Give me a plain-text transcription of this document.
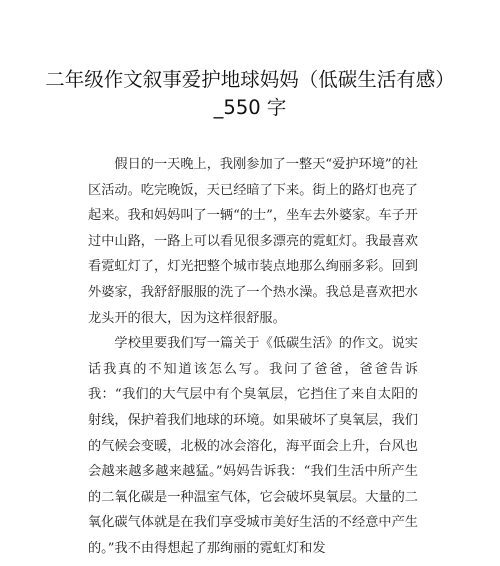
二年级作文叙事爱护地球妈妈（低碳生活有感）_550 字

假日的一天晚上，我刚参加了一整天“爱护环境”的社区活动。吃完晚饭，天已经暗了下来。街上的路灯也亮了起来。我和妈妈叫了一辆“的士”，坐车去外婆家。车子开过中山路，一路上可以看见很多漂亮的霓虹灯。我最喜欢看霓虹灯了，灯光把整个城市装点地那么绚丽多彩。回到外婆家，我舒舒服服的洗了一个热水澡。我总是喜欢把水龙头开的很大，因为这样很舒服。

学校里要我们写一篇关于《低碳生活》的作文。说实话我真的不知道该怎么写。我问了爸爸，爸爸告诉我：“我们的大气层中有个臭氧层，它挡住了来自太阳的射线，保护着我们地球的环境。如果破坏了臭氧层，我们的气候会变暖，北极的冰会溶化，海平面会上升，台风也会越来越多越来越猛。”妈妈告诉我：“我们生活中所产生的二氧化碳是一种温室气体，它会破坏臭氧层。大量的二氧化碳气体就是在我们享受城市美好生活的不经意中产生的。”我不由得想起了那绚丽的霓虹灯和发
